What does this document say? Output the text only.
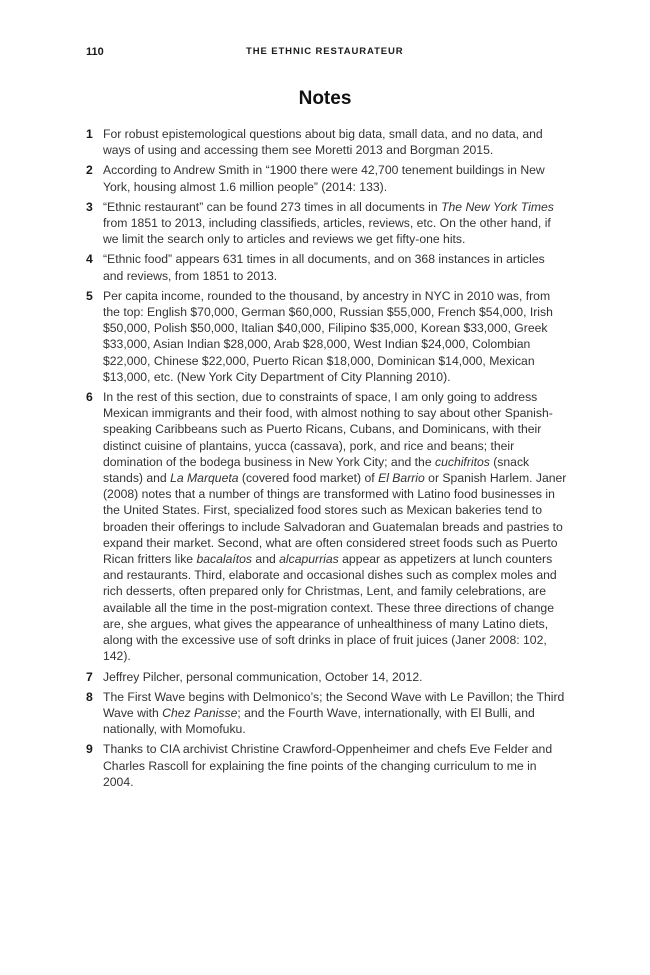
110	THE ETHNIC RESTAURATEUR
Notes
1 For robust epistemological questions about big data, small data, and no data, and ways of using and accessing them see Moretti 2013 and Borgman 2015.
2 According to Andrew Smith in “1900 there were 42,700 tenement buildings in New York, housing almost 1.6 million people” (2014: 133).
3 “Ethnic restaurant” can be found 273 times in all documents in The New York Times from 1851 to 2013, including classifieds, articles, reviews, etc. On the other hand, if we limit the search only to articles and reviews we get fifty-one hits.
4 “Ethnic food” appears 631 times in all documents, and on 368 instances in articles and reviews, from 1851 to 2013.
5 Per capita income, rounded to the thousand, by ancestry in NYC in 2010 was, from the top: English $70,000, German $60,000, Russian $55,000, French $54,000, Irish $50,000, Polish $50,000, Italian $40,000, Filipino $35,000, Korean $33,000, Greek $33,000, Asian Indian $28,000, Arab $28,000, West Indian $24,000, Colombian $22,000, Chinese $22,000, Puerto Rican $18,000, Dominican $14,000, Mexican $13,000, etc. (New York City Department of City Planning 2010).
6 In the rest of this section, due to constraints of space, I am only going to address Mexican immigrants and their food, with almost nothing to say about other Spanish-speaking Caribbeans such as Puerto Ricans, Cubans, and Dominicans, with their distinct cuisine of plantains, yucca (cassava), pork, and rice and beans; their domination of the bodega business in New York City; and the cuchifritos (snack stands) and La Marqueta (covered food market) of El Barrio or Spanish Harlem. Janer (2008) notes that a number of things are transformed with Latino food businesses in the United States. First, specialized food stores such as Mexican bakeries tend to broaden their offerings to include Salvadoran and Guatemalan breads and pastries to expand their market. Second, what are often considered street foods such as Puerto Rican fritters like bacalaítos and alcapurrias appear as appetizers at lunch counters and restaurants. Third, elaborate and occasional dishes such as complex moles and rich desserts, often prepared only for Christmas, Lent, and family celebrations, are available all the time in the post-migration context. These three directions of change are, she argues, what gives the appearance of unhealthiness of many Latino diets, along with the excessive use of soft drinks in place of fruit juices (Janer 2008: 102, 142).
7 Jeffrey Pilcher, personal communication, October 14, 2012.
8 The First Wave begins with Delmonico’s; the Second Wave with Le Pavillon; the Third Wave with Chez Panisse; and the Fourth Wave, internationally, with El Bulli, and nationally, with Momofuku.
9 Thanks to CIA archivist Christine Crawford-Oppenheimer and chefs Eve Felder and Charles Rascoll for explaining the fine points of the changing curriculum to me in 2004.
